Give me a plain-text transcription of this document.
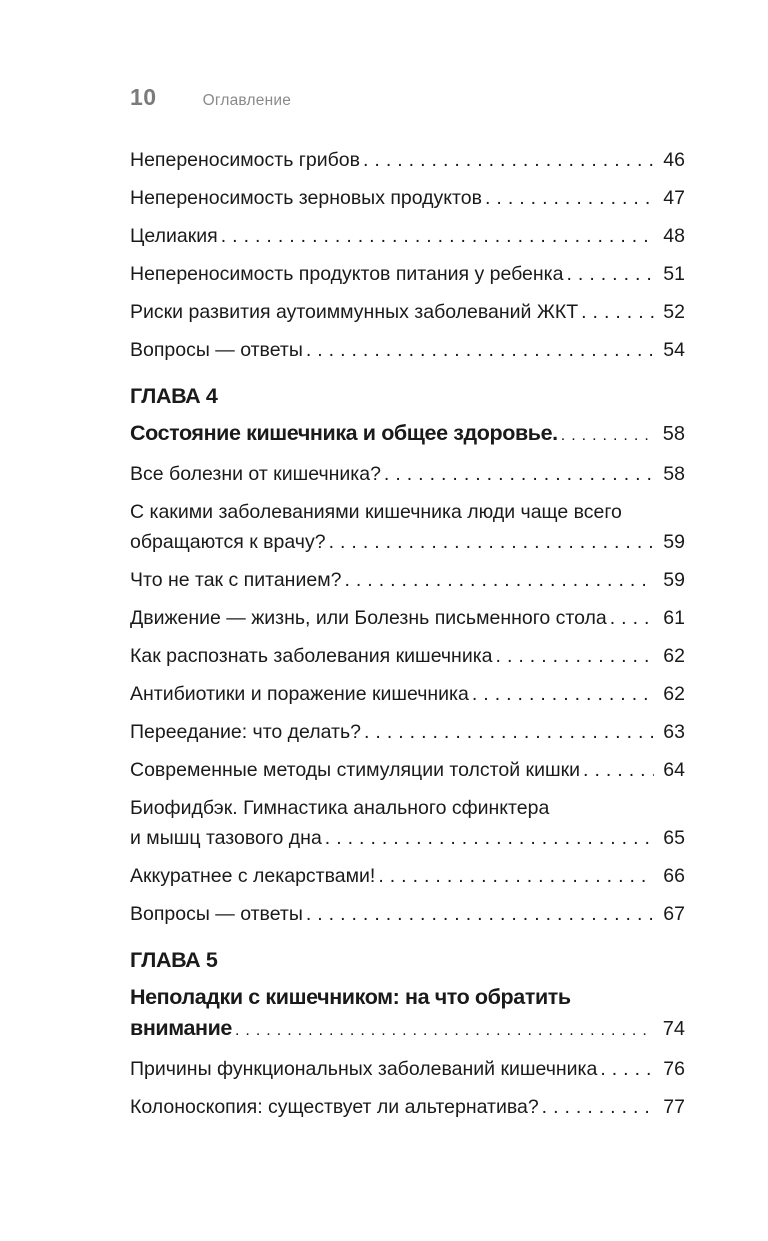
10	Оглавление
Непереносимость грибов .....	46
Непереносимость зерновых продуктов .....	47
Целиакия .....	48
Непереносимость продуктов питания у ребенка .....	51
Риски развития аутоиммунных заболеваний ЖКТ .....	52
Вопросы — ответы .....	54
ГЛАВА 4
Состояние кишечника и общее здоровье. .....	58
Все болезни от кишечника? .....	58
С какими заболеваниями кишечника люди чаще всего
обращаются к врачу? .....	59
Что не так с питанием? .....	59
Движение — жизнь, или Болезнь письменного стола .....	61
Как распознать заболевания кишечника .....	62
Антибиотики и поражение кишечника .....	62
Переедание: что делать? .....	63
Современные методы стимуляции толстой кишки .....	64
Биофидбэк. Гимнастика анального сфинктера
и мышц тазового дна .....	65
Аккуратнее с лекарствами! .....	66
Вопросы — ответы .....	67
ГЛАВА 5
Неполадки с кишечником: на что обратить
внимание .....	74
Причины функциональных заболеваний кишечника .....	76
Колоноскопия: существует ли альтернатива? .....	77
